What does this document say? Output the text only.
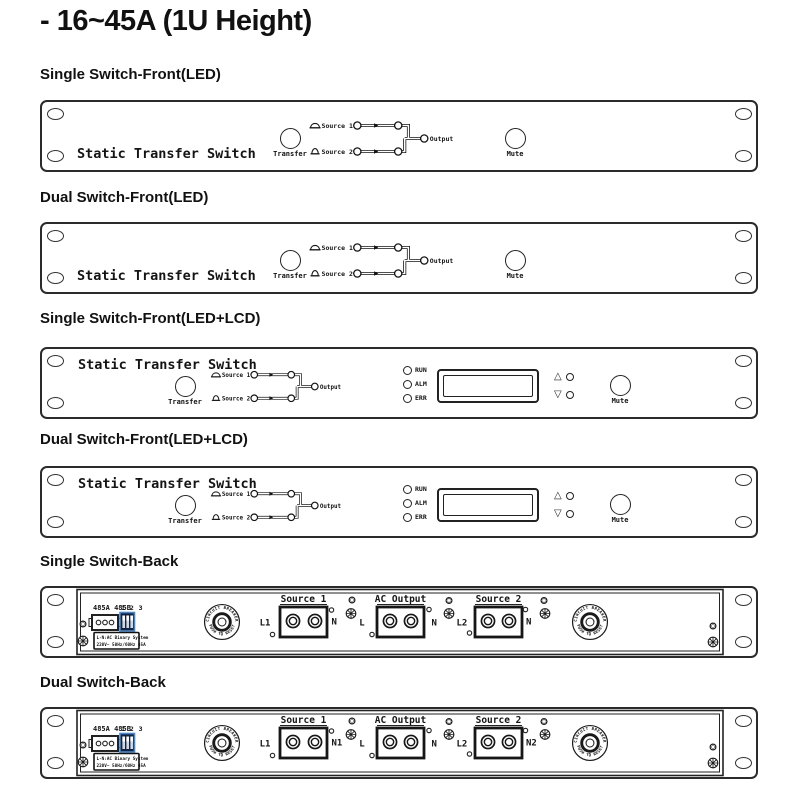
- 16~45A (1U Height)
Single Switch-Front(LED)
Dual Switch-Front(LED)
Single Switch-Front(LED+LCD)
Dual Switch-Front(LED+LCD)
Single Switch-Back
Dual Switch-Back
Static Transfer Switch	Transfer	Mute
Static Transfer Switch	Transfer	Mute
Static Transfer Switch
Transfer
RUN
ALM
ERR
△
▽
Mute
Static Transfer Switch
Transfer
RUN
ALM
ERR
△
▽
Mute
N	N
N1	N2
